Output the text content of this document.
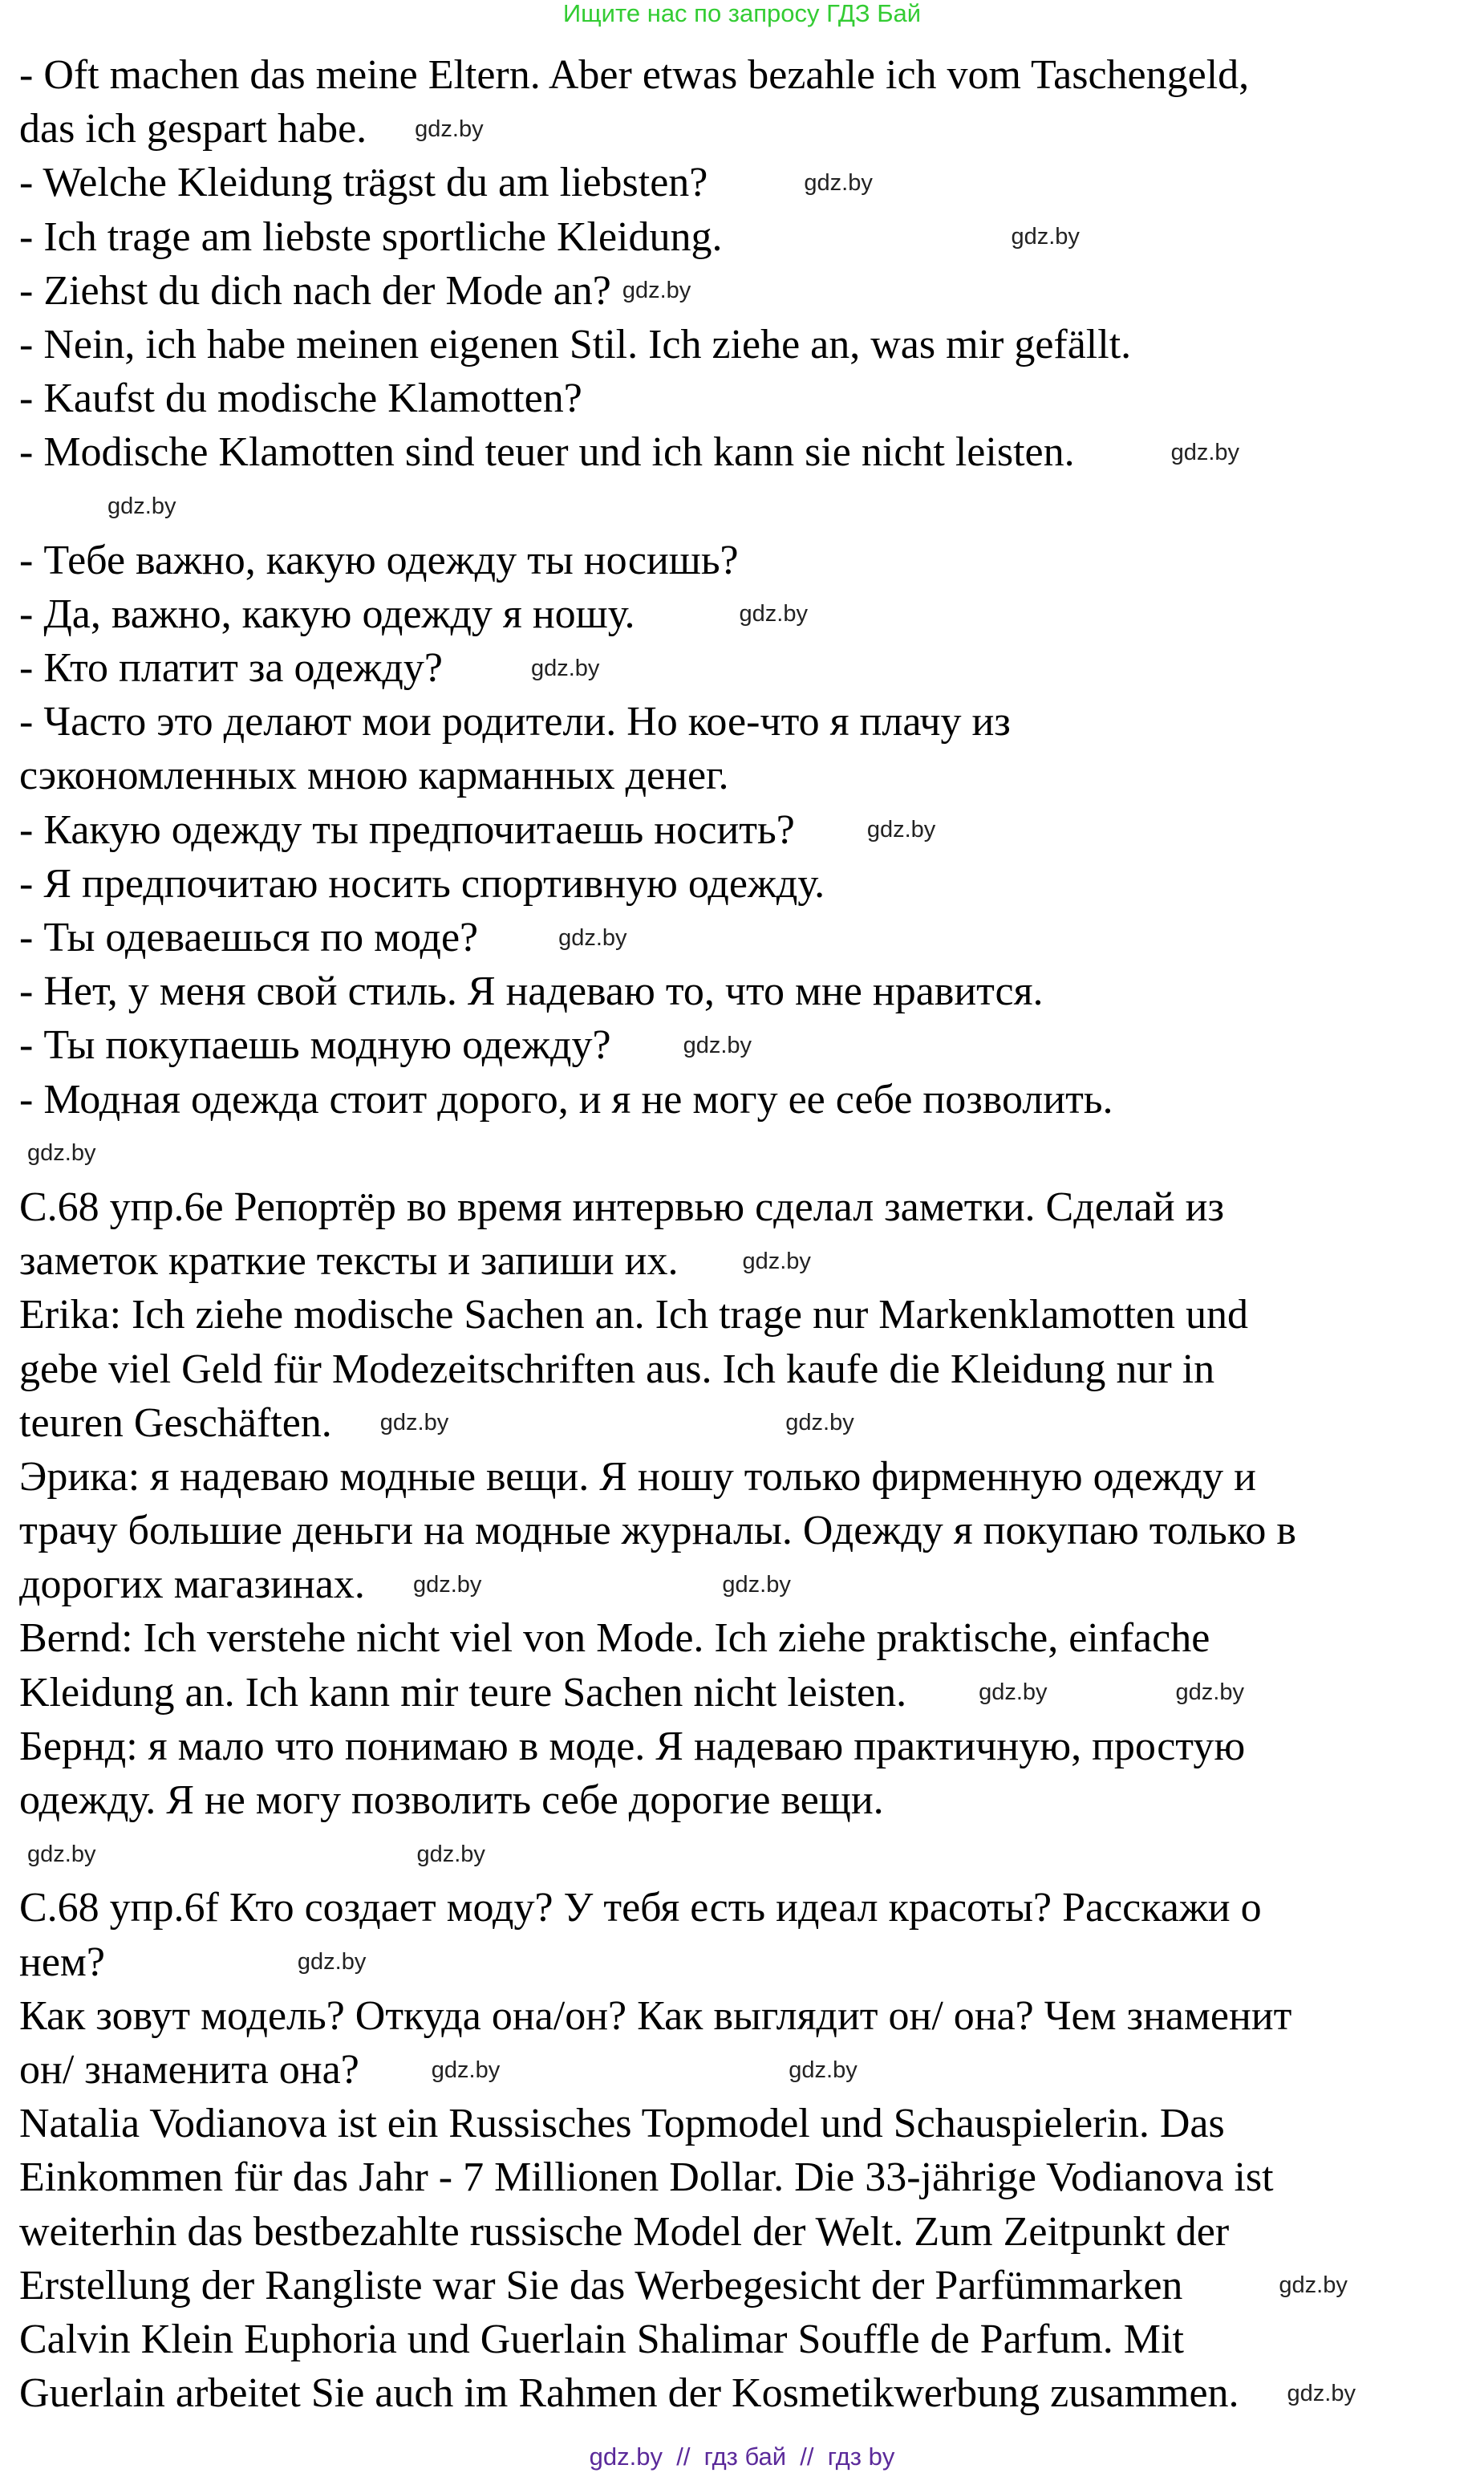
Ищите нас по запросу ГДЗ Бай
- Oft machen das meine Eltern. Aber etwas bezahle ich vom Taschengeld,
das ich gespart habe. gdz.by
- Welche Kleidung trägst du am liebsten?	gdz.by
- Ich trage am liebste sportliche Kleidung.	gdz.by
- Ziehst du dich nach der Mode an? gdz.by
- Nein, ich habe meinen eigenen Stil. Ich ziehe an, was mir gefällt.
- Kaufst du modische Klamotten?
- Modische Klamotten sind teuer und ich kann sie nicht leisten.	gdz.by
gdz.by
- Тебе важно, какую одежду ты носишь?
- Да, важно, какую одежду я ношу.	gdz.by
- Кто платит за одежду?	gdz.by
- Часто это делают мои родители. Но кое-что я плачу из
сэкономленных мною карманных денег.
- Какую одежду ты предпочитаешь носить?	gdz.by
- Я предпочитаю носить спортивную одежду.
- Ты одеваешься по моде?	gdz.by
- Нет, у меня свой стиль. Я надеваю то, что мне нравится.
- Ты покупаешь модную одежду?	gdz.by
- Модная одежда стоит дорого, и я не могу ее себе позволить.
gdz.by
С.68 упр.6е Репортёр во время интервью сделал заметки. Сделай из
заметок краткие тексты и запиши их.	gdz.by
Erika: Ich ziehe modische Sachen an. Ich trage nur Markenklamotten und
gebe viel Geld für Modezeitschriften aus. Ich kaufe die Kleidung nur in
teuren Geschäften. gdz.by	gdz.by
Эрика: я надеваю модные вещи. Я ношу только фирменную одежду и
трачу большие деньги на модные журналы. Одежду я покупаю только в
дорогих магазинах. gdz.by	gdz.by
Bernd: Ich verstehe nicht viel von Mode. Ich ziehe praktische, einfache
Kleidung an. Ich kann mir teure Sachen nicht leisten.	gdz.by	gdz.by
Бернд: я мало что понимаю в моде. Я надеваю практичную, простую
одежду. Я не могу позволить себе дорогие вещи.
gdz.by	gdz.by
С.68 упр.6f Кто создает моду? У тебя есть идеал красоты? Расскажи о
нем?	gdz.by
Как зовут модель? Откуда она/он? Как выглядит он/ она? Чем знаменит
он/ знаменита она?	gdz.by	gdz.by
Natalia Vodianova ist ein Russisches Topmodel und Schauspielerin. Das
Einkommen für das Jahr - 7 Millionen Dollar. Die 33-jährige Vodianova ist
weiterhin das bestbezahlte russische Model der Welt. Zum Zeitpunkt der
Erstellung der Rangliste war Sie das Werbegesicht der Parfümmarken	gdz.by
Calvin Klein Euphoria und Guerlain Shalimar Souffle de Parfum. Mit
Guerlain arbeitet Sie auch im Rahmen der Kosmetikwerbung zusammen. gdz.by
gdz.by  //  гдз бай  //  гдз by
